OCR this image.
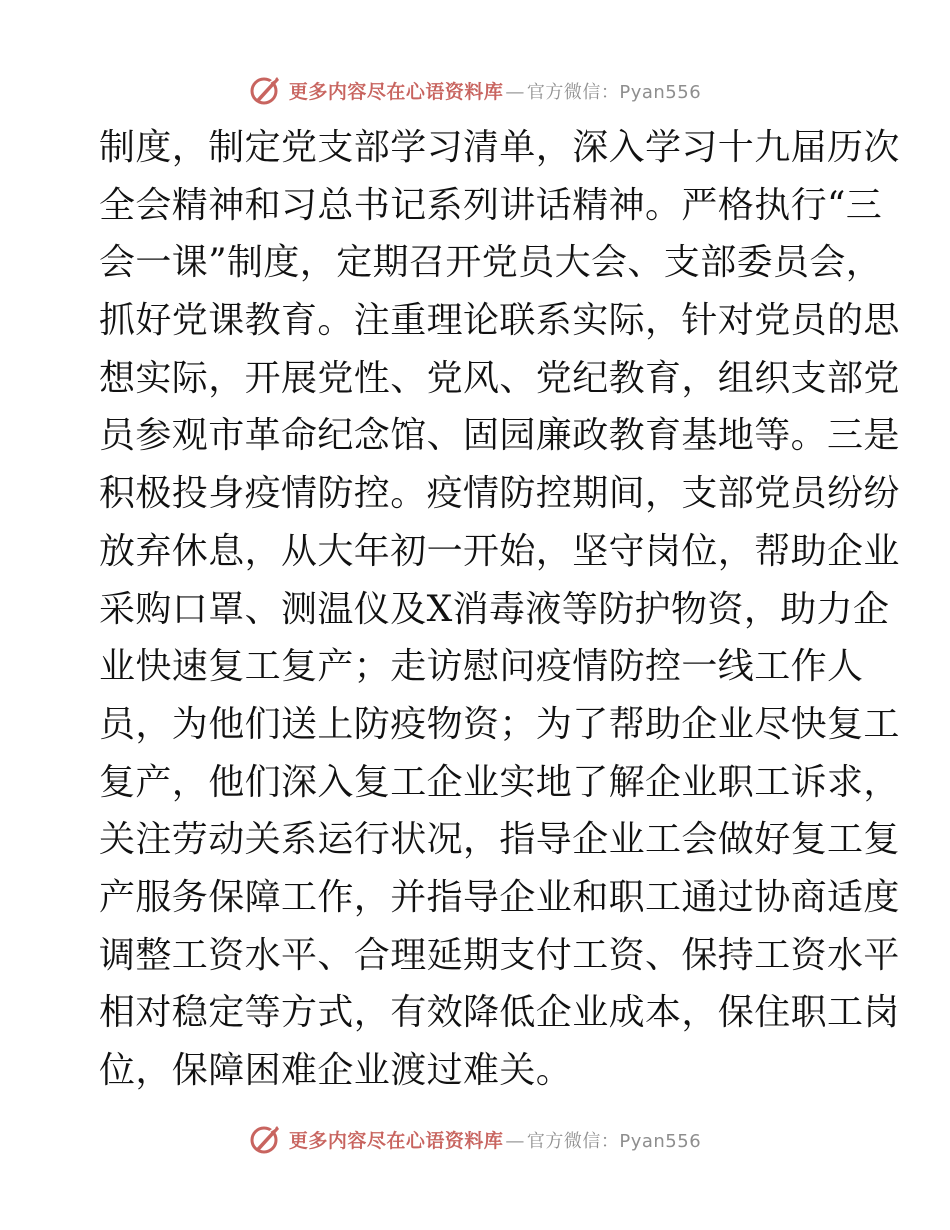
更多内容尽在心语资料库 — 官方微信：Pyan556
制度，制定党支部学习清单，深入学习十九届历次
全会精神和习总书记系列讲话精神。严格执行“三
会一课”制度，定期召开党员大会、支部委员会，
抓好党课教育。注重理论联系实际，针对党员的思
想实际，开展党性、党风、党纪教育，组织支部党
员参观市革命纪念馆、固园廉政教育基地等。三是
积极投身疫情防控。疫情防控期间，支部党员纷纷
放弃休息，从大年初一开始，坚守岗位，帮助企业
采购口罩、测温仪及X消毒液等防护物资，助力企
业快速复工复产；走访慰问疫情防控一线工作人
员，为他们送上防疫物资；为了帮助企业尽快复工
复产，他们深入复工企业实地了解企业职工诉求，
关注劳动关系运行状况，指导企业工会做好复工复
产服务保障工作，并指导企业和职工通过协商适度
调整工资水平、合理延期支付工资、保持工资水平
相对稳定等方式，有效降低企业成本，保住职工岗
位，保障困难企业渡过难关。
更多内容尽在心语资料库 — 官方微信：Pyan556
